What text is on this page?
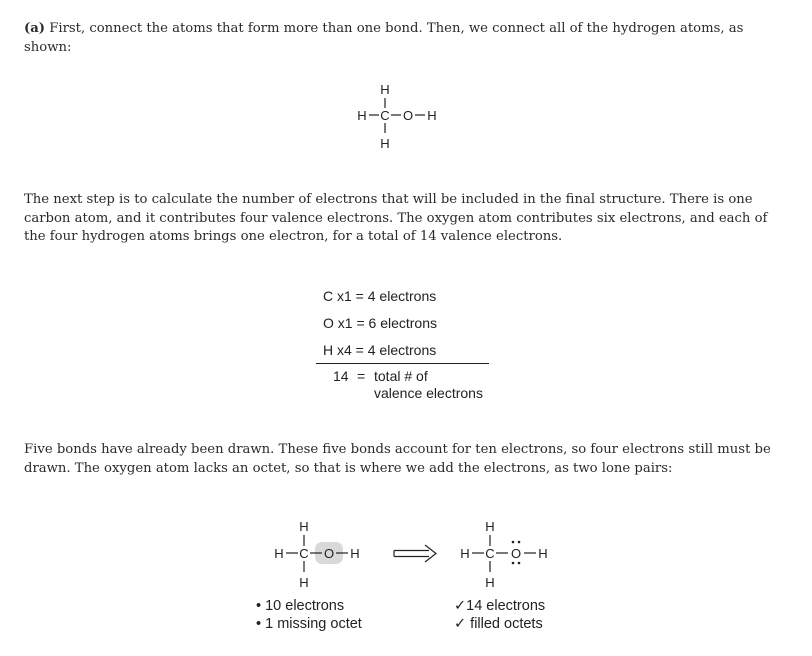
(a) First, connect the atoms that form more than one bond. Then, we connect all of the hydrogen atoms, as shown:
H
H C O H
H
The next step is to calculate the number of electrons that will be included in the final structure. There is one carbon atom, and it contributes four valence electrons. The oxygen atom contributes six electrons, and each of the four hydrogen atoms brings one electron, for a total of 14 valence electrons.
C x1 = 4 electrons
O x1 = 6 electrons
H x4 = 4 electrons
14 = total # of
valence electrons
Five bonds have already been drawn. These five bonds account for ten electrons, so four electrons still must be drawn. The oxygen atom lacks an octet, so that is where we add the electrons, as two lone pairs:
H
H C O H
H
H
H C O H
H
• 10 electrons
• 1 missing octet
✓14 electrons
✓ filled octets
